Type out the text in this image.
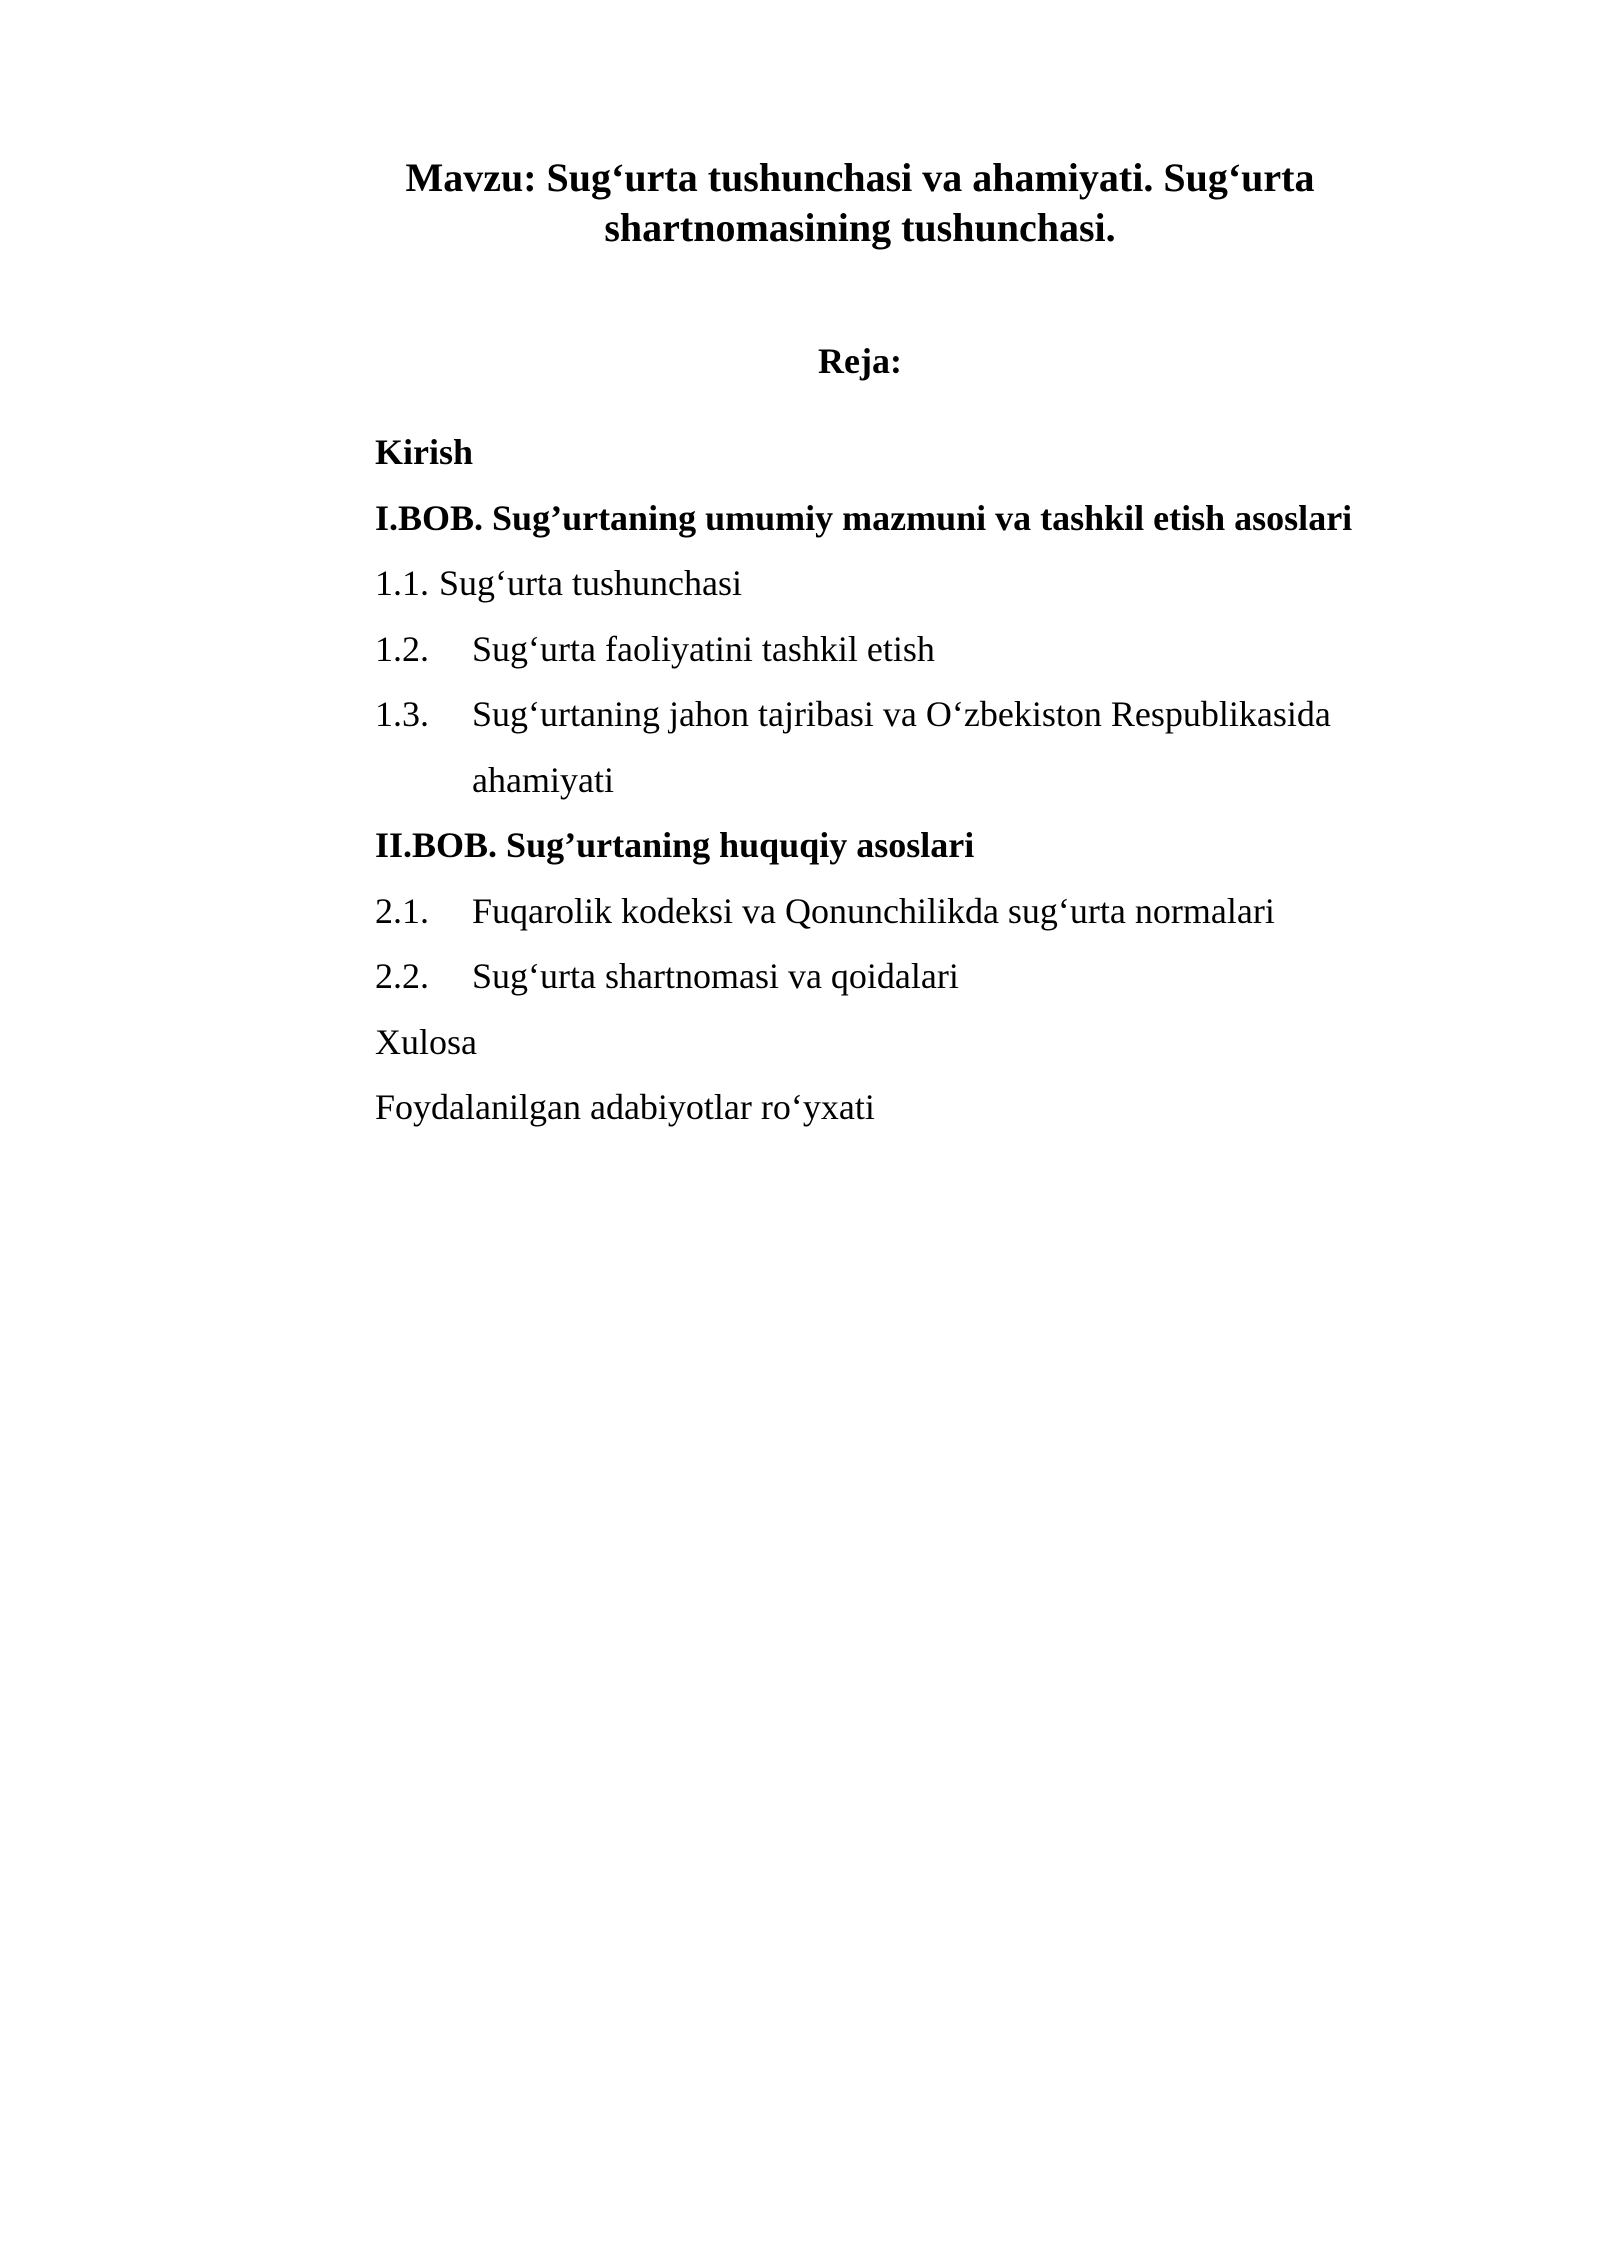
Mavzu: Sug‘urta tushunchasi va ahamiyati. Sug‘urta shartnomasining tushunchasi.
Reja:
Kirish
I.BOB. Sug’urtaning umumiy mazmuni va tashkil etish asoslari
1.1. Sug‘urta tushunchasi
1.2.	Sug‘urta faoliyatini tashkil etish
1.3.	Sug‘urtaning jahon tajribasi va O‘zbekiston Respublikasida ahamiyati
II.BOB. Sug’urtaning huquqiy asoslari
2.1.	Fuqarolik kodeksi va Qonunchilikda sug‘urta normalari
2.2.	Sug‘urta shartnomasi va qoidalari
Xulosa
Foydalanilgan adabiyotlar ro‘yxati
